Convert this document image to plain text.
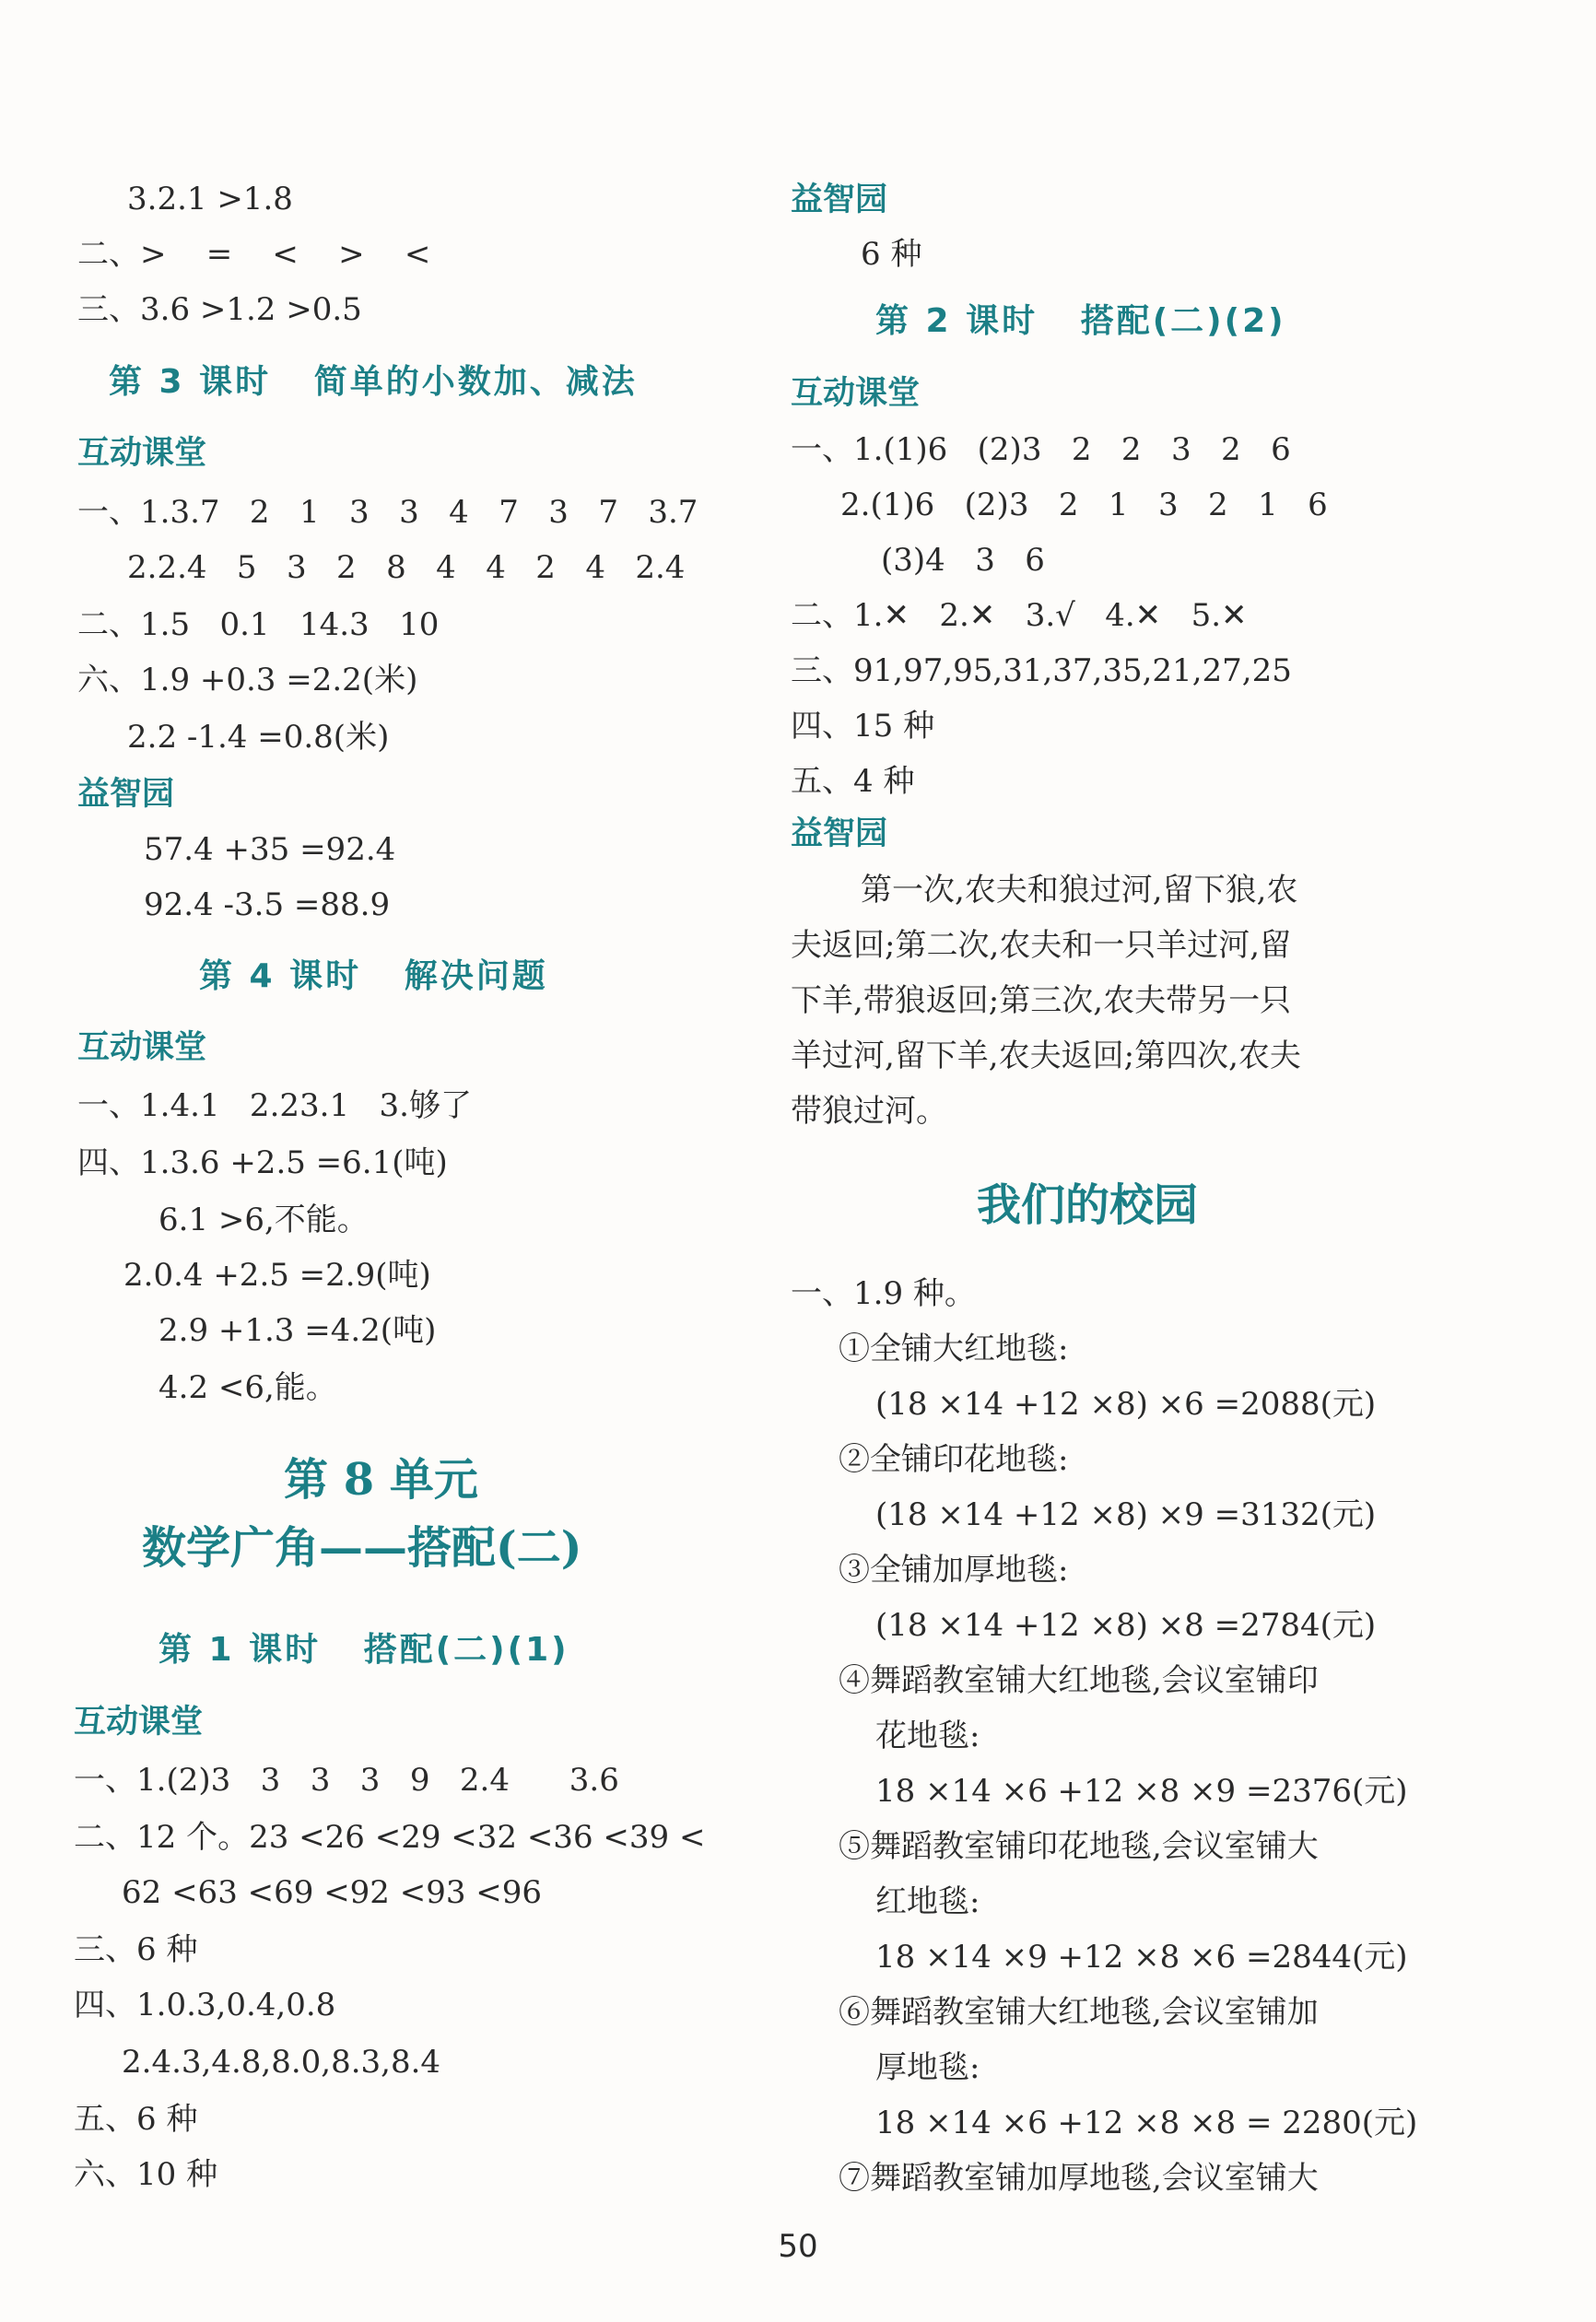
3.2.1 >1.8
二、>    =    <    >    <
三、3.6 >1.2 >0.5
第 3 课时   简单的小数加、减法
互动课堂
一、1.3.7   2   1   3   3   4   7   3   7   3.7
2.2.4   5   3   2   8   4   4   2   4   2.4
二、1.5   0.1   14.3   10
六、1.9 +0.3 =2.2(米)
2.2 -1.4 =0.8(米)
益智园
57.4 +35 =92.4
92.4 -3.5 =88.9
第 4 课时   解决问题
互动课堂
一、1.4.1   2.23.1   3.够了
四、1.3.6 +2.5 =6.1(吨)
6.1 >6,不能。
2.0.4 +2.5 =2.9(吨)
2.9 +1.3 =4.2(吨)
4.2 <6,能。
第 8 单元
数学广角——搭配(二)
第 1 课时   搭配(二)(1)
互动课堂
一、1.(2)3   3   3   3   9   2.4      3.6
二、12 个。23 <26 <29 <32 <36 <39 <
62 <63 <69 <92 <93 <96
三、6 种
四、1.0.3,0.4,0.8
2.4.3,4.8,8.0,8.3,8.4
五、6 种
六、10 种
益智园
6 种
第 2 课时   搭配(二)(2)
互动课堂
一、1.(1)6   (2)3   2   2   3   2   6
2.(1)6   (2)3   2   1   3   2   1   6
(3)4   3   6
二、1.✕   2.✕   3.√   4.✕   5.✕
三、91,97,95,31,37,35,21,27,25
四、15 种
五、4 种
益智园
第一次,农夫和狼过河,留下狼,农
夫返回;第二次,农夫和一只羊过河,留
下羊,带狼返回;第三次,农夫带另一只
羊过河,留下羊,农夫返回;第四次,农夫
带狼过河。
我们的校园
一、1.9 种。
①全铺大红地毯:
(18 ×14 +12 ×8) ×6 =2088(元)
②全铺印花地毯:
(18 ×14 +12 ×8) ×9 =3132(元)
③全铺加厚地毯:
(18 ×14 +12 ×8) ×8 =2784(元)
④舞蹈教室铺大红地毯,会议室铺印
花地毯:
18 ×14 ×6 +12 ×8 ×9 =2376(元)
⑤舞蹈教室铺印花地毯,会议室铺大
红地毯:
18 ×14 ×9 +12 ×8 ×6 =2844(元)
⑥舞蹈教室铺大红地毯,会议室铺加
厚地毯:
18 ×14 ×6 +12 ×8 ×8 = 2280(元)
⑦舞蹈教室铺加厚地毯,会议室铺大
50
